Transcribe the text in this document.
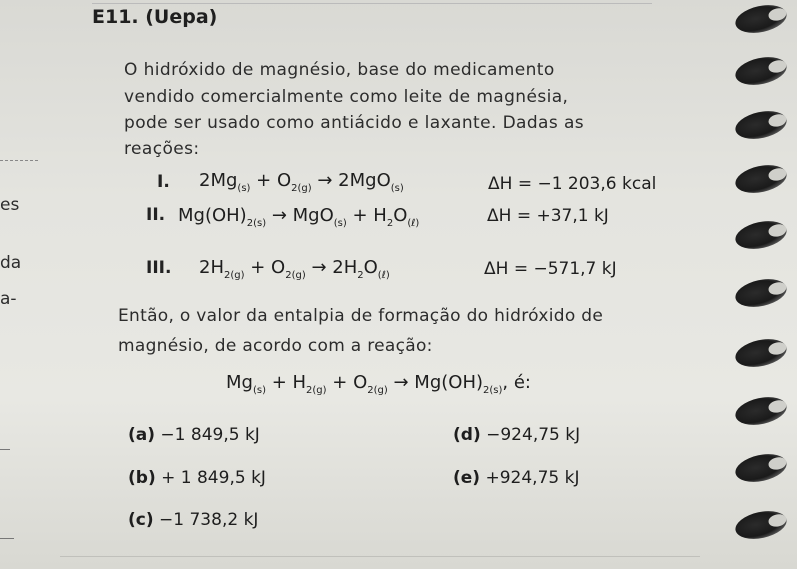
E11. (Uepa)
O hidróxido de magnésio, base do medicamento
vendido comercialmente como leite de magnésia,
pode ser usado como antiácido e laxante. Dadas as
reações:
es
da
a-
I. $2Mg_{(s)} + O_{2(g)} \to 2MgO_{(s)}$	ΔH = −1 203,6 kcal
II. $Mg(OH)_{2(s)} \to MgO_{(s)} + H_2O_{(\ell)}$	ΔH = +37,1 kJ
III. $2H_{2(g)} + O_{2(g)} \to 2H_2O_{(\ell)}$	ΔH = −571,7 kJ
Então, o valor da entalpia de formação do hidróxido de
magnésio, de acordo com a reação:
$Mg_{(s)} + H_{2(g)} + O_{2(g)} \to Mg(OH)_{2(s)}$, é:
(a) −1 849,5 kJ	(d) −924,75 kJ
(b) + 1 849,5 kJ	(e) +924,75 kJ
(c) −1 738,2 kJ
